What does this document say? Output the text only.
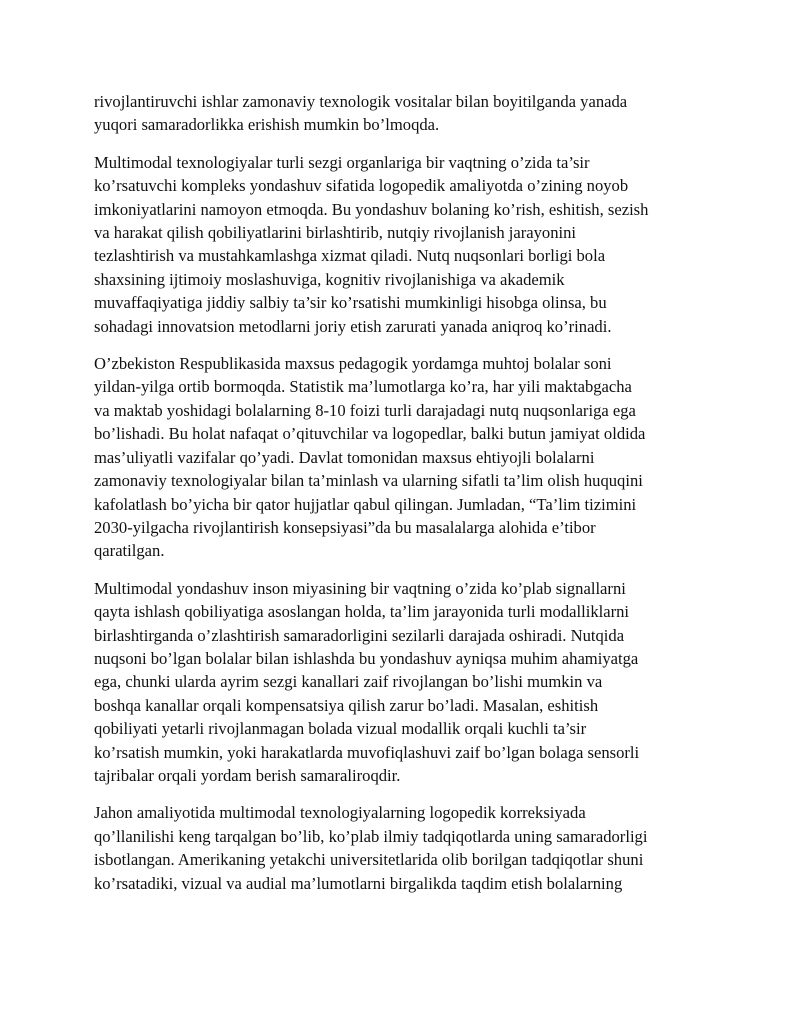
rivojlantiruvchi ishlar zamonaviy texnologik vositalar bilan boyitilganda yanada
yuqori samaradorlikka erishish mumkin bo’lmoqda.

Multimodal texnologiyalar turli sezgi organlariga bir vaqtning o’zida ta’sir
ko’rsatuvchi kompleks yondashuv sifatida logopedik amaliyotda o’zining noyob
imkoniyatlarini namoyon etmoqda. Bu yondashuv bolaning ko’rish, eshitish, sezish
va harakat qilish qobiliyatlarini birlashtirib, nutqiy rivojlanish jarayonini
tezlashtirish va mustahkamlashga xizmat qiladi. Nutq nuqsonlari borligi bola
shaxsining ijtimoiy moslashuviga, kognitiv rivojlanishiga va akademik
muvaffaqiyatiga jiddiy salbiy ta’sir ko’rsatishi mumkinligi hisobga olinsa, bu
sohadagi innovatsion metodlarni joriy etish zarurati yanada aniqroq ko’rinadi.

O’zbekiston Respublikasida maxsus pedagogik yordamga muhtoj bolalar soni
yildan-yilga ortib bormoqda. Statistik ma’lumotlarga ko’ra, har yili maktabgacha
va maktab yoshidagi bolalarning 8-10 foizi turli darajadagi nutq nuqsonlariga ega
bo’lishadi. Bu holat nafaqat o’qituvchilar va logopedlar, balki butun jamiyat oldida
mas’uliyatli vazifalar qo’yadi. Davlat tomonidan maxsus ehtiyojli bolalarni
zamonaviy texnologiyalar bilan ta’minlash va ularning sifatli ta’lim olish huquqini
kafolatlash bo’yicha bir qator hujjatlar qabul qilingan. Jumladan, “Ta’lim tizimini
2030-yilgacha rivojlantirish konsepsiyasi”da bu masalalarga alohida e’tibor
qaratilgan.

Multimodal yondashuv inson miyasining bir vaqtning o’zida ko’plab signallarni
qayta ishlash qobiliyatiga asoslangan holda, ta’lim jarayonida turli modalliklarni
birlashtirganda o’zlashtirish samaradorligini sezilarli darajada oshiradi. Nutqida
nuqsoni bo’lgan bolalar bilan ishlashda bu yondashuv ayniqsa muhim ahamiyatga
ega, chunki ularda ayrim sezgi kanallari zaif rivojlangan bo’lishi mumkin va
boshqa kanallar orqali kompensatsiya qilish zarur bo’ladi. Masalan, eshitish
qobiliyati yetarli rivojlanmagan bolada vizual modallik orqali kuchli ta’sir
ko’rsatish mumkin, yoki harakatlarda muvofiqlashuvi zaif bo’lgan bolaga sensorli
tajribalar orqali yordam berish samaraliroqdir.

Jahon amaliyotida multimodal texnologiyalarning logopedik korreksiyada
qo’llanilishi keng tarqalgan bo’lib, ko’plab ilmiy tadqiqotlarda uning samaradorligi
isbotlangan. Amerikaning yetakchi universitetlarida olib borilgan tadqiqotlar shuni
ko’rsatadiki, vizual va audial ma’lumotlarni birgalikda taqdim etish bolalarning
